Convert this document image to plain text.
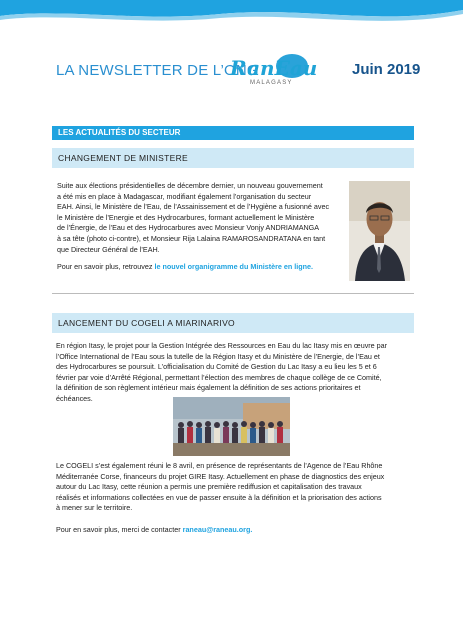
LA NEWSLETTER DE L’ONG
RanEau
MALAGASY
Juin 2019
LES ACTUALITÉS DU SECTEUR
CHANGEMENT DE MINISTERE
Suite aux élections présidentielles de décembre dernier, un nouveau gouvernement
a été mis en place à Madagascar, modifiant également l’organisation du secteur
EAH. Ainsi, le Ministère de l’Eau, de l’Assainissement et de l’Hygiène a fusionné avec
le Ministère de l’Energie et des Hydrocarbures, formant actuellement le Ministère
de l’Énergie, de l’Eau et des Hydrocarbures avec Monsieur Vonjy ANDRIAMANGA
à sa tête (photo ci-contre), et Monsieur Rija Lalaina RAMAROSANDRATANA en tant
que Directeur Général de l’EAH.
Pour en savoir plus, retrouvez le nouvel organigramme du Ministère en ligne.
LANCEMENT DU COGELI A MIARINARIVO
En région Itasy, le projet pour la Gestion Intégrée des Ressources en Eau du lac Itasy mis en œuvre par
l’Office International de l’Eau sous la tutelle de la Région Itasy et du Ministère de l’Energie, de l’Eau et
des Hydrocarbures se poursuit. L’officialisation du Comité de Gestion du Lac Itasy a eu lieu les 5 et 6
février par voie d’Arrêté Régional, permettant l’élection des membres de chaque collège de ce Comité,
la définition de son règlement intérieur mais également la définition de ses actions prioritaires et
échéances.
Le COGELI s’est également réuni le 8 avril, en présence de représentants de l’Agence de l’Eau Rhône
Méditerranée Corse, financeurs du projet GIRE Itasy. Actuellement en phase de diagnostics des enjeux
autour du Lac Itasy, cette réunion a permis une première rediffusion et capitalisation des travaux
réalisés et informations collectées en vue de passer ensuite à la définition et la priorisation des actions
à mener sur le territoire.
Pour en savoir plus, merci de contacter raneau@raneau.org.
